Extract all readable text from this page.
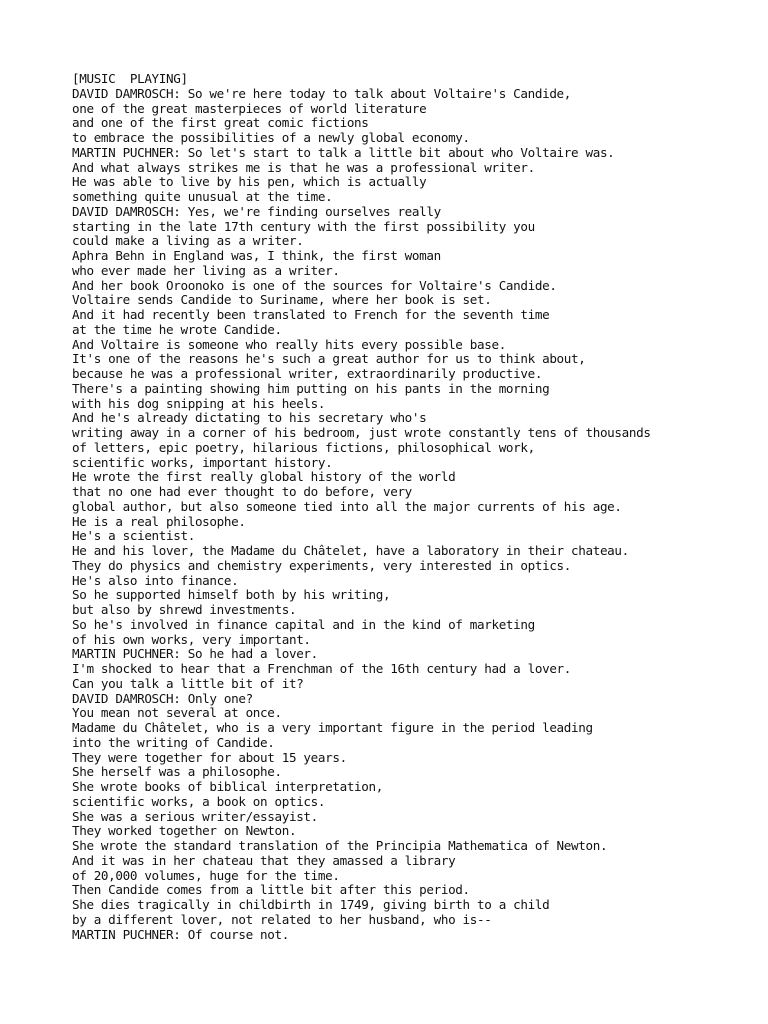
[MUSIC  PLAYING]
DAVID DAMROSCH: So we're here today to talk about Voltaire's Candide,
one of the great masterpieces of world literature
and one of the first great comic fictions
to embrace the possibilities of a newly global economy.
MARTIN PUCHNER: So let's start to talk a little bit about who Voltaire was.
And what always strikes me is that he was a professional writer.
He was able to live by his pen, which is actually
something quite unusual at the time.
DAVID DAMROSCH: Yes, we're finding ourselves really
starting in the late 17th century with the first possibility you
could make a living as a writer.
Aphra Behn in England was, I think, the first woman
who ever made her living as a writer.
And her book Oroonoko is one of the sources for Voltaire's Candide.
Voltaire sends Candide to Suriname, where her book is set.
And it had recently been translated to French for the seventh time
at the time he wrote Candide.
And Voltaire is someone who really hits every possible base.
It's one of the reasons he's such a great author for us to think about,
because he was a professional writer, extraordinarily productive.
There's a painting showing him putting on his pants in the morning
with his dog snipping at his heels.
And he's already dictating to his secretary who's
writing away in a corner of his bedroom, just wrote constantly tens of thousands
of letters, epic poetry, hilarious fictions, philosophical work,
scientific works, important history.
He wrote the first really global history of the world
that no one had ever thought to do before, very
global author, but also someone tied into all the major currents of his age.
He is a real philosophe.
He's a scientist.
He and his lover, the Madame du Châtelet, have a laboratory in their chateau.
They do physics and chemistry experiments, very interested in optics.
He's also into finance.
So he supported himself both by his writing,
but also by shrewd investments.
So he's involved in finance capital and in the kind of marketing
of his own works, very important.
MARTIN PUCHNER: So he had a lover.
I'm shocked to hear that a Frenchman of the 16th century had a lover.
Can you talk a little bit of it?
DAVID DAMROSCH: Only one?
You mean not several at once.
Madame du Châtelet, who is a very important figure in the period leading
into the writing of Candide.
They were together for about 15 years.
She herself was a philosophe.
She wrote books of biblical interpretation,
scientific works, a book on optics.
She was a serious writer/essayist.
They worked together on Newton.
She wrote the standard translation of the Principia Mathematica of Newton.
And it was in her chateau that they amassed a library
of 20,000 volumes, huge for the time.
Then Candide comes from a little bit after this period.
She dies tragically in childbirth in 1749, giving birth to a child
by a different lover, not related to her husband, who is--
MARTIN PUCHNER: Of course not.
